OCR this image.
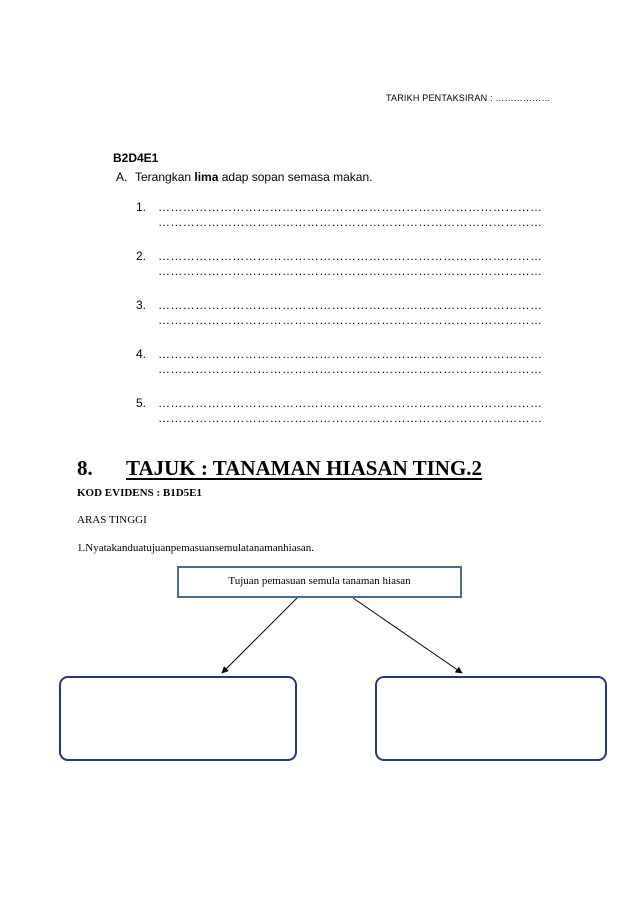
TARIKH PENTAKSIRAN : ………………
B2D4E1
A. Terangkan lima adap sopan semasa makan.
1. …………………………………………………………………………………
…………………………………………………………………………………
2. …………………………………………………………………………………
…………………………………………………………………………………
3. …………………………………………………………………………………
…………………………………………………………………………………
4. …………………………………………………………………………………
…………………………………………………………………………………
5. …………………………………………………………………………………
…………………………………………………………………………………
8. TAJUK : TANAMAN HIASAN TING.2
KOD EVIDENS : B1D5E1
ARAS TINGGI
1.Nyatakanduatujuanpemasuansemulatanamanhiasan.
Tujuan pemasuan semula tanaman hiasan
